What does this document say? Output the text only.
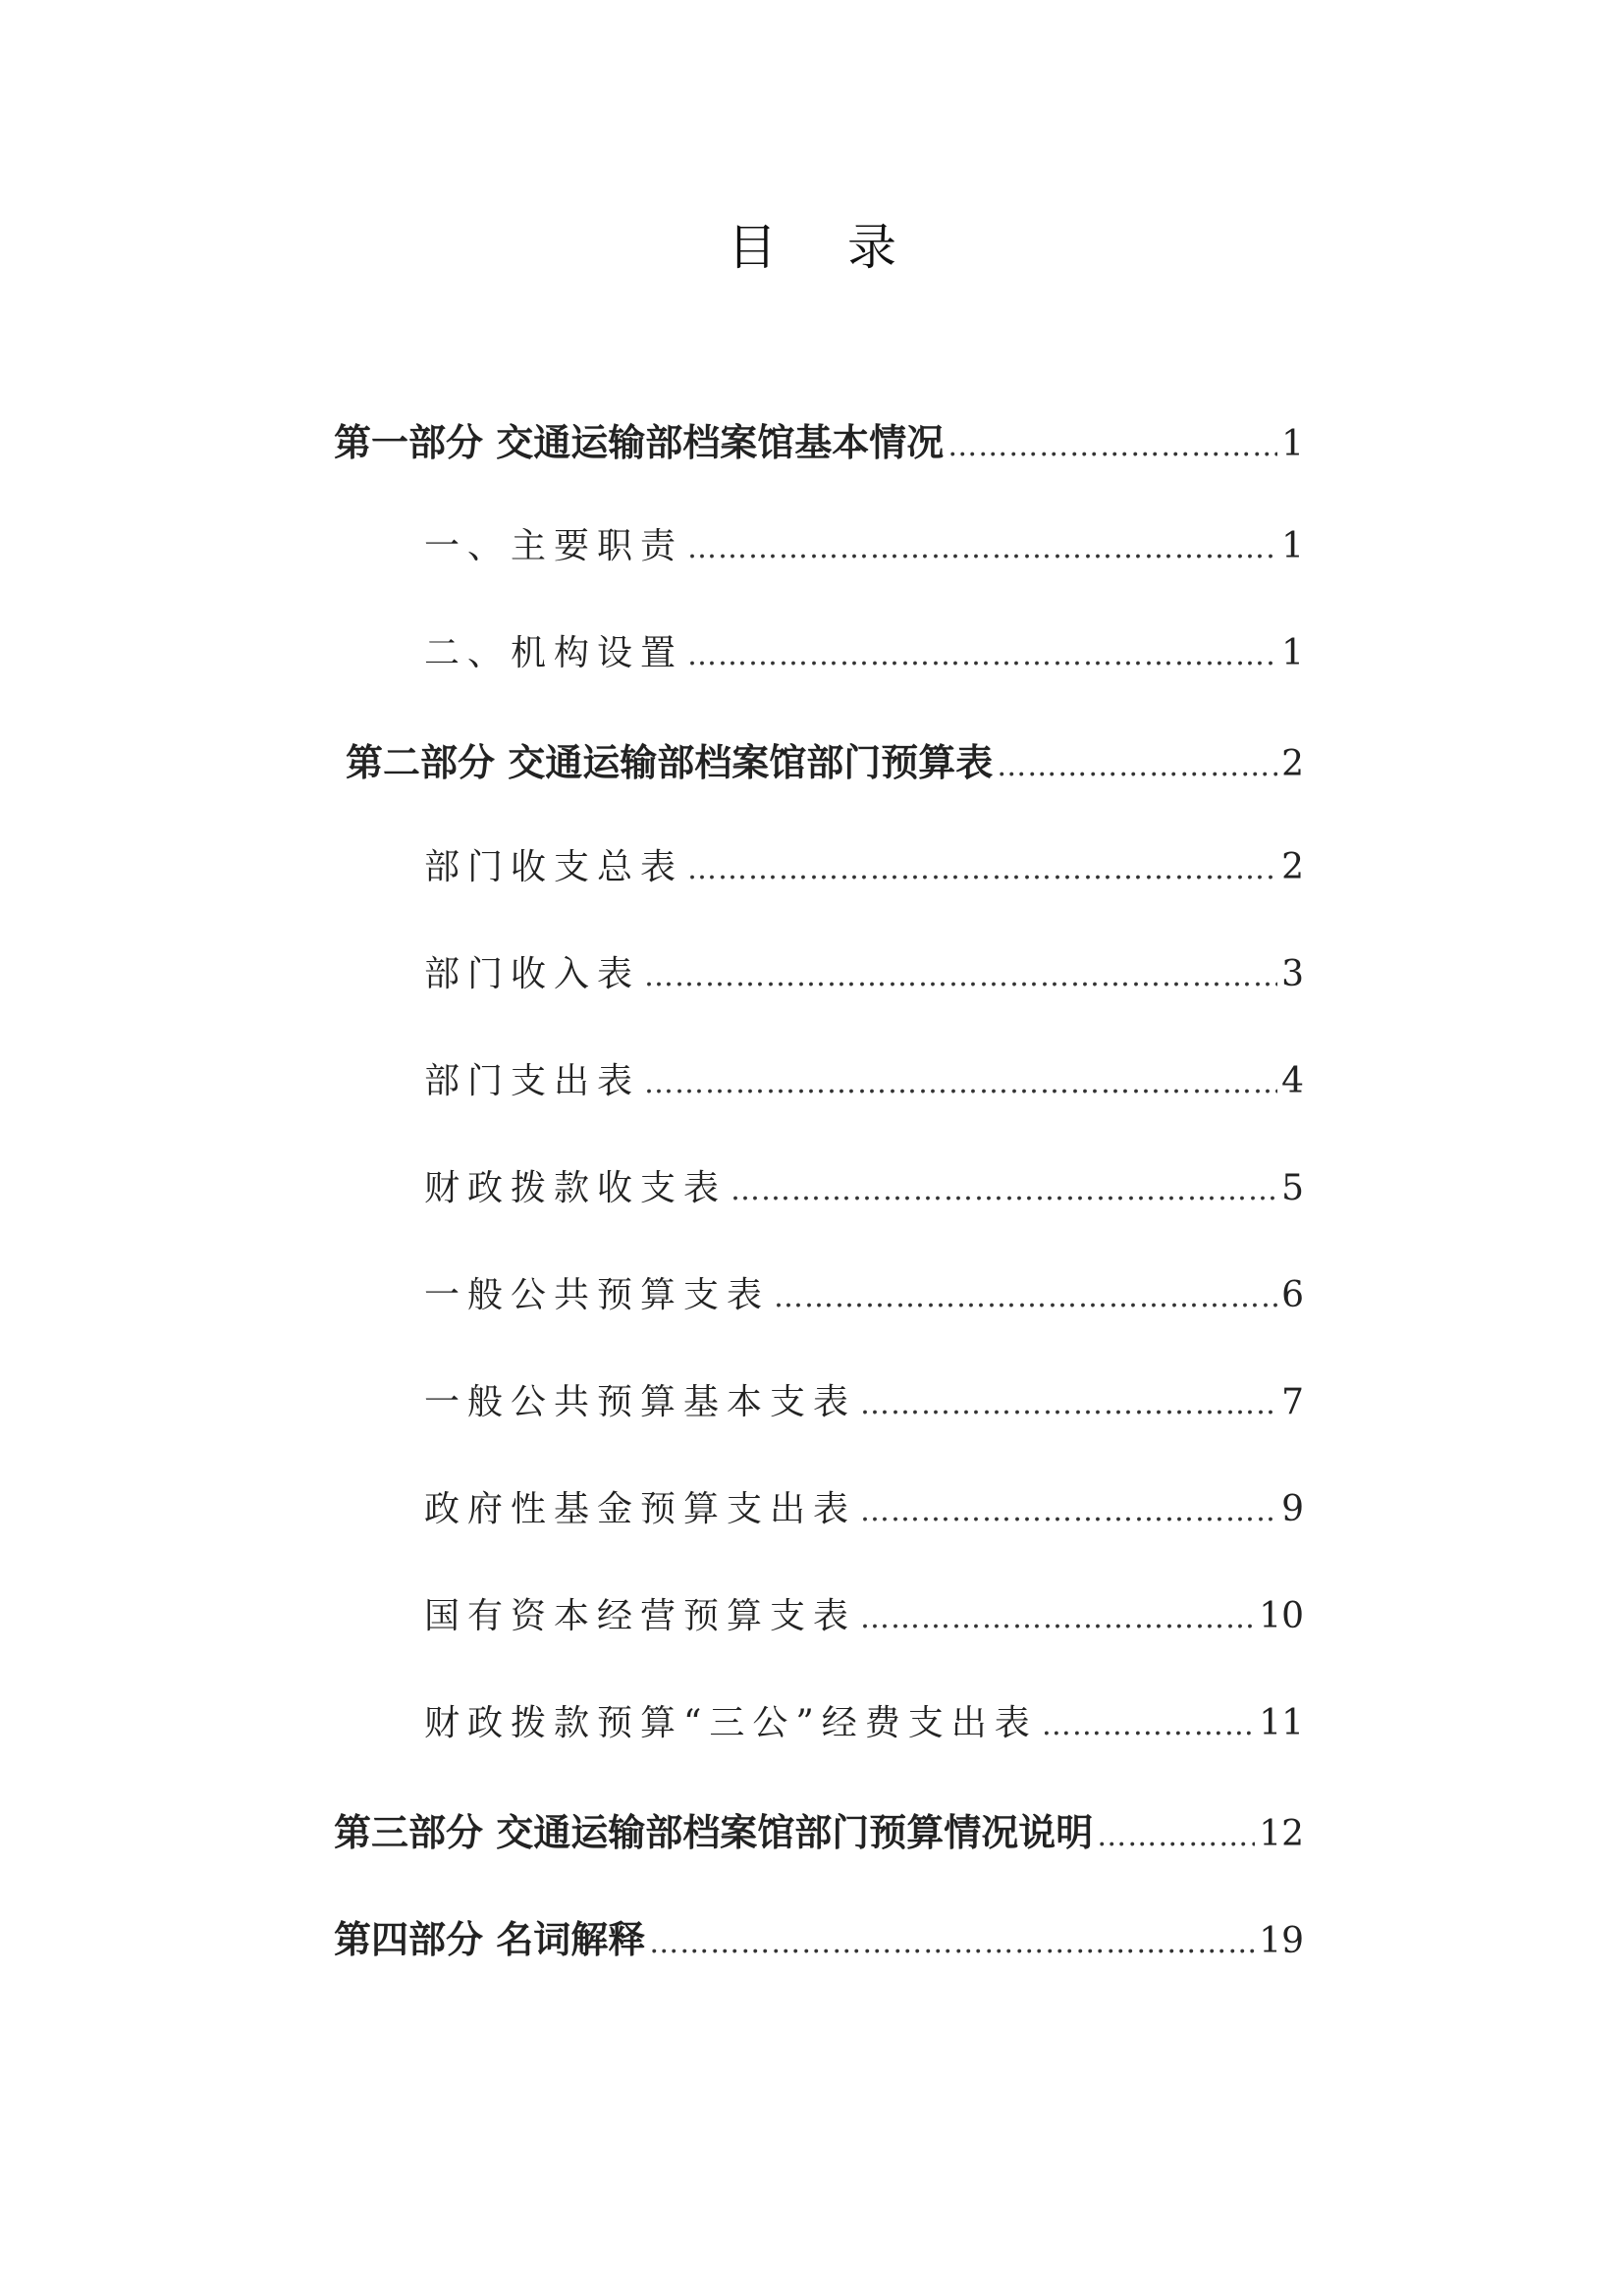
目 录
第一部分 交通运输部档案馆基本情况 ……………………………………………………………………………………………………………………………………………………	1
一、主要职责 ……………………………………………………………………………………………………………………………………………………	1
二、机构设置 ……………………………………………………………………………………………………………………………………………………	1
第二部分 交通运输部档案馆部门预算表 ……………………………………………………………………………………………………………………………………………………	2
部门收支总表 ……………………………………………………………………………………………………………………………………………………	2
部门收入表 ……………………………………………………………………………………………………………………………………………………	3
部门支出表 ……………………………………………………………………………………………………………………………………………………	4
财政拨款收支表 ……………………………………………………………………………………………………………………………………………………	5
一般公共预算支表 ……………………………………………………………………………………………………………………………………………………	6
一般公共预算基本支表 ……………………………………………………………………………………………………………………………………………………	7
政府性基金预算支出表 ……………………………………………………………………………………………………………………………………………………	9
国有资本经营预算支表 ……………………………………………………………………………………………………………………………………………………	10
财政拨款预算“三公”经费支出表 ……………………………………………………………………………………………………………………………………………………	11
第三部分 交通运输部档案馆部门预算情况说明 ……………………………………………………………………………………………………………………………………………………	12
第四部分 名词解释 ……………………………………………………………………………………………………………………………………………………	19
